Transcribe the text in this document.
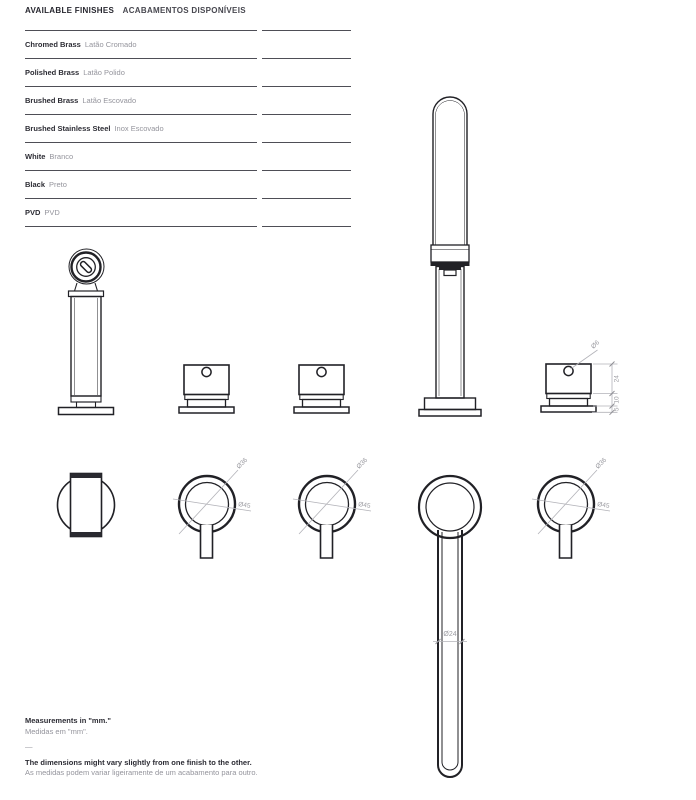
AVAILABLE FINISHES ACABAMENTOS DISPONÍVEIS
Chromed Brass Latão Cromado
Polished Brass Latão Polido
Brushed Brass Latão Escovado
Brushed Stainless Steel Inox Escovado
White Branco
Black Preto
PVD PVD
Ø6
24
10
5
Ø36
Ø45
Ø36
Ø45
Ø36
Ø45
Ø24
Measurements in "mm."
Medidas em "mm".
—
The dimensions might vary slightly from one finish to the other.
As medidas podem variar ligeiramente de um acabamento para outro.
